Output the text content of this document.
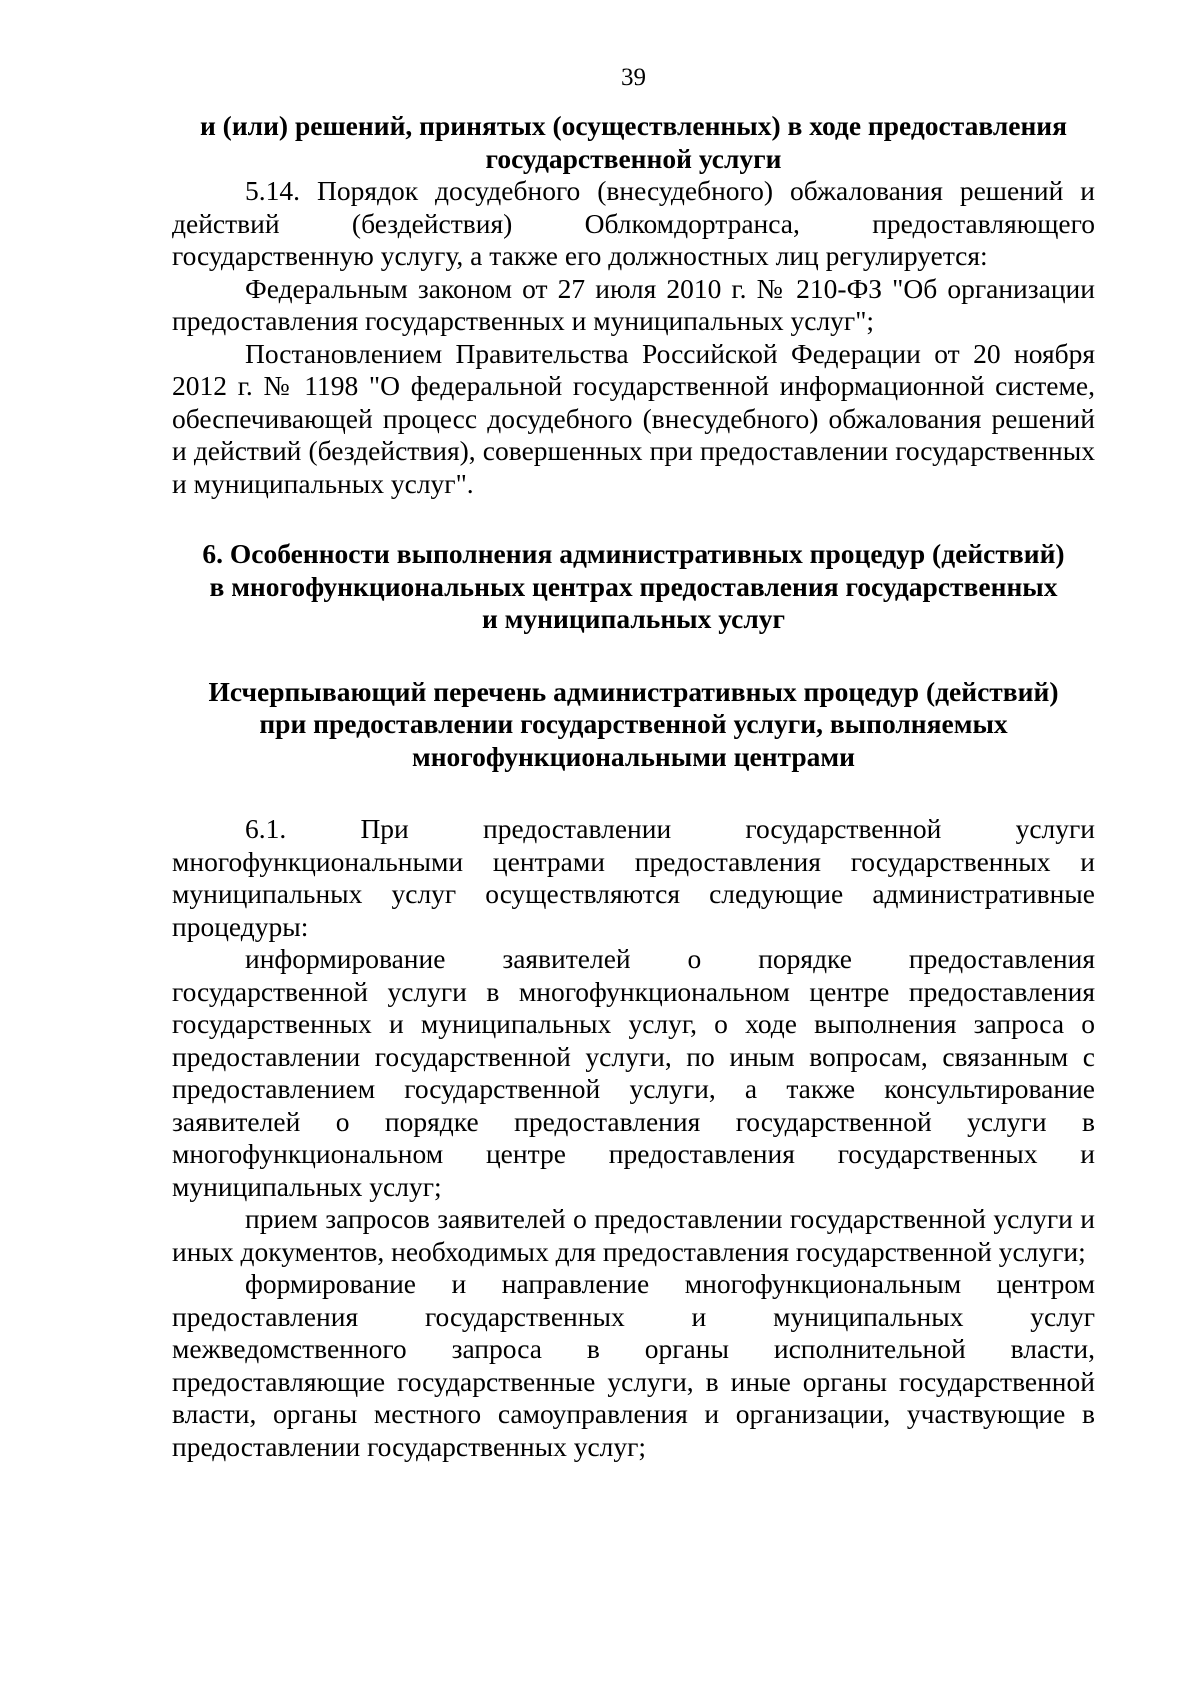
39
и (или) решений, принятых (осуществленных) в ходе предоставления государственной услуги

5.14. Порядок досудебного (внесудебного) обжалования решений и действий (бездействия) Облкомдортранса, предоставляющего государственную услугу, а также его должностных лиц регулируется:

Федеральным законом от 27 июля 2010 г. № 210-ФЗ "Об организации предоставления государственных и муниципальных услуг";

Постановлением Правительства Российской Федерации от 20 ноября 2012 г. № 1198 "О федеральной государственной информационной системе, обеспечивающей процесс досудебного (внесудебного) обжалования решений и действий (бездействия), совершенных при предоставлении государственных и муниципальных услуг".

6. Особенности выполнения административных процедур (действий)
в многофункциональных центрах предоставления государственных
и муниципальных услуг
Исчерпывающий перечень административных процедур (действий)
при предоставлении государственной услуги, выполняемых
многофункциональными центрами

6.1. При предоставлении государственной услуги многофункциональными центрами предоставления государственных и муниципальных услуг осуществляются следующие административные процедуры:

информирование заявителей о порядке предоставления государственной услуги в многофункциональном центре предоставления государственных и муниципальных услуг, о ходе выполнения запроса о предоставлении государственной услуги, по иным вопросам, связанным с предоставлением государственной услуги, а также консультирование заявителей о порядке предоставления государственной услуги в многофункциональном центре предоставления государственных и муниципальных услуг;

прием запросов заявителей о предоставлении государственной услуги и иных документов, необходимых для предоставления государственной услуги;

формирование и направление многофункциональным центром предоставления государственных и муниципальных услуг межведомственного запроса в органы исполнительной власти, предоставляющие государственные услуги, в иные органы государственной власти, органы местного самоуправления и организации, участвующие в предоставлении государственных услуг;
